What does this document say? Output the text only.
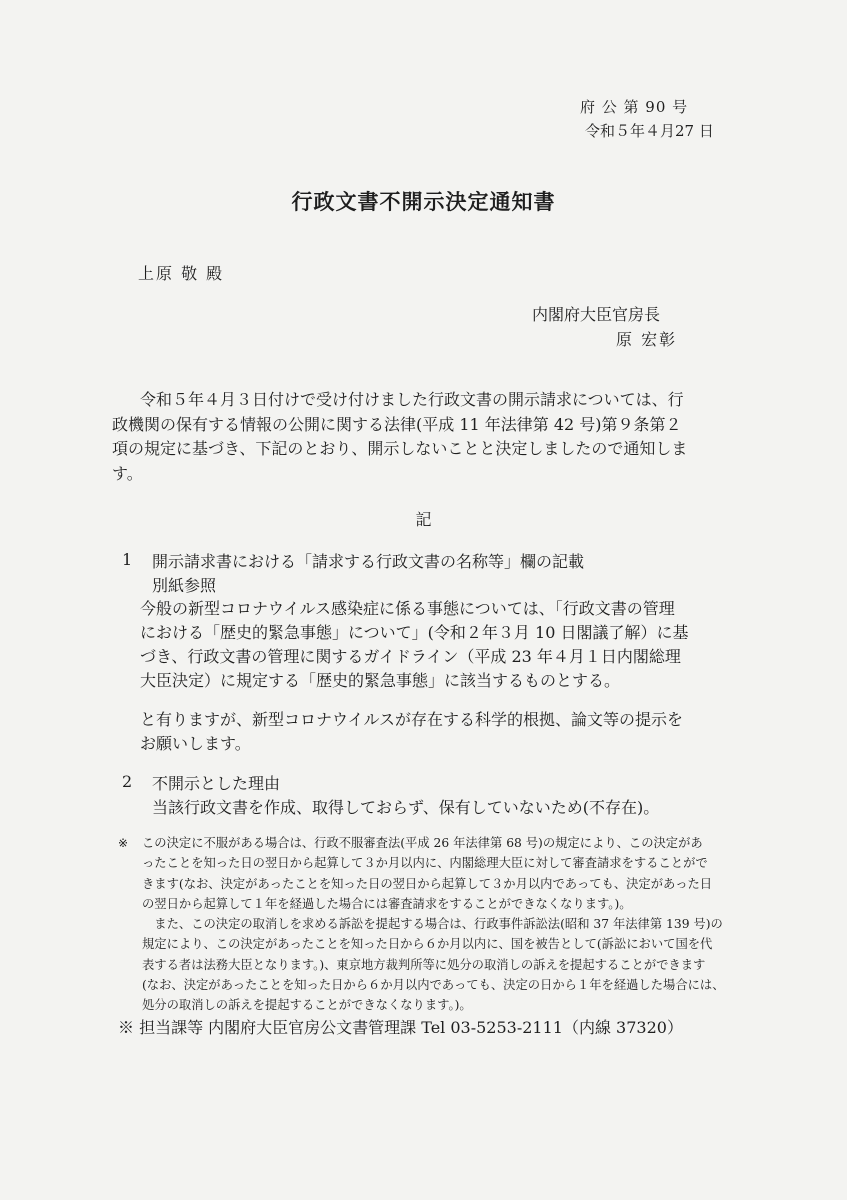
府 公 第 90 号
令和５年４月27 日
行政文書不開示決定通知書
上原 敬 殿
内閣府大臣官房長
原 宏彰

令和５年４月３日付けで受け付けました行政文書の開示請求については、行

政機関の保有する情報の公開に関する法律(平成 11 年法律第 42 号)第９条第２

項の規定に基づき、下記のとおり、開示しないことと決定しましたので通知しま

す。

記
1 開示請求書における「請求する行政文書の名称等」欄の記載
別紙参照
今般の新型コロナウイルス感染症に係る事態については、「行政文書の管理
における「歴史的緊急事態」について」(令和２年３月 10 日閣議了解）に基
づき、行政文書の管理に関するガイドライン（平成 23 年４月１日内閣総理
大臣決定）に規定する「歴史的緊急事態」に該当するものとする。
と有りますが、新型コロナウイルスが存在する科学的根拠、論文等の提示を
お願いします。
2 不開示とした理由
当該行政文書を作成、取得しておらず、保有していないため(不存在)。
※ この決定に不服がある場合は、行政不服審査法(平成 26 年法律第 68 号)の規定により、この決定があ

ったことを知った日の翌日から起算して３か月以内に、内閣総理大臣に対して審査請求をすることがで

きます(なお、決定があったことを知った日の翌日から起算して３か月以内であっても、決定があった日

の翌日から起算して１年を経過した場合には審査請求をすることができなくなります。)。

　また、この決定の取消しを求める訴訟を提起する場合は、行政事件訴訟法(昭和 37 年法律第 139 号)の

規定により、この決定があったことを知った日から６か月以内に、国を被告として(訴訟において国を代

表する者は法務大臣となります。)、東京地方裁判所等に処分の取消しの訴えを提起することができます

(なお、決定があったことを知った日から６か月以内であっても、決定の日から１年を経過した場合には、

処分の取消しの訴えを提起することができなくなります。)。

※ 担当課等 内閣府大臣官房公文書管理課 Tel 03-5253-2111（内線 37320）
